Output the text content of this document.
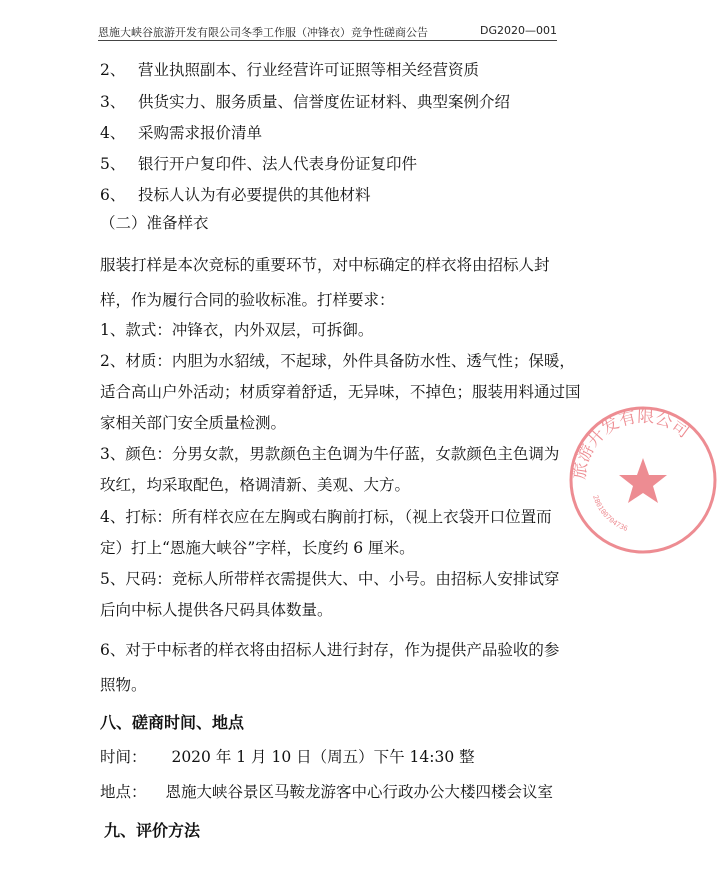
恩施大峡谷旅游开发有限公司冬季工作服（冲锋衣）竞争性磋商公告	DG2020—001
2、 营业执照副本、行业经营许可证照等相关经营资质
3、 供货实力、服务质量、信誉度佐证材料、典型案例介绍
4、 采购需求报价清单
5、 银行开户复印件、法人代表身份证复印件
6、 投标人认为有必要提供的其他材料
（二）准备样衣
服装打样是本次竞标的重要环节，对中标确定的样衣将由招标人封
样，作为履行合同的验收标准。打样要求：
1、款式：冲锋衣，内外双层，可拆御。
2、材质：内胆为水貂绒，不起球，外件具备防水性、透气性；保暖，
适合高山户外活动；材质穿着舒适，无异味，不掉色；服装用料通过国
家相关部门安全质量检测。
3、颜色：分男女款，男款颜色主色调为牛仔蓝，女款颜色主色调为
玫红，均采取配色，格调清新、美观、大方。
4、打标：所有样衣应在左胸或右胸前打标，（视上衣袋开口位置而
定）打上“恩施大峡谷”字样，长度约 6 厘米。
5、尺码：竞标人所带样衣需提供大、中、小号。由招标人安排试穿
后向中标人提供各尺码具体数量。
6、对于中标者的样衣将由招标人进行封存，作为提供产品验收的参
照物。
八、磋商时间、地点
时间： 2020 年 1 月 10 日（周五）下午 14:30 整
地点： 恩施大峡谷景区马鞍龙游客中心行政办公大楼四楼会议室
九、评价方法
旅游开发有限公司
280100704736
